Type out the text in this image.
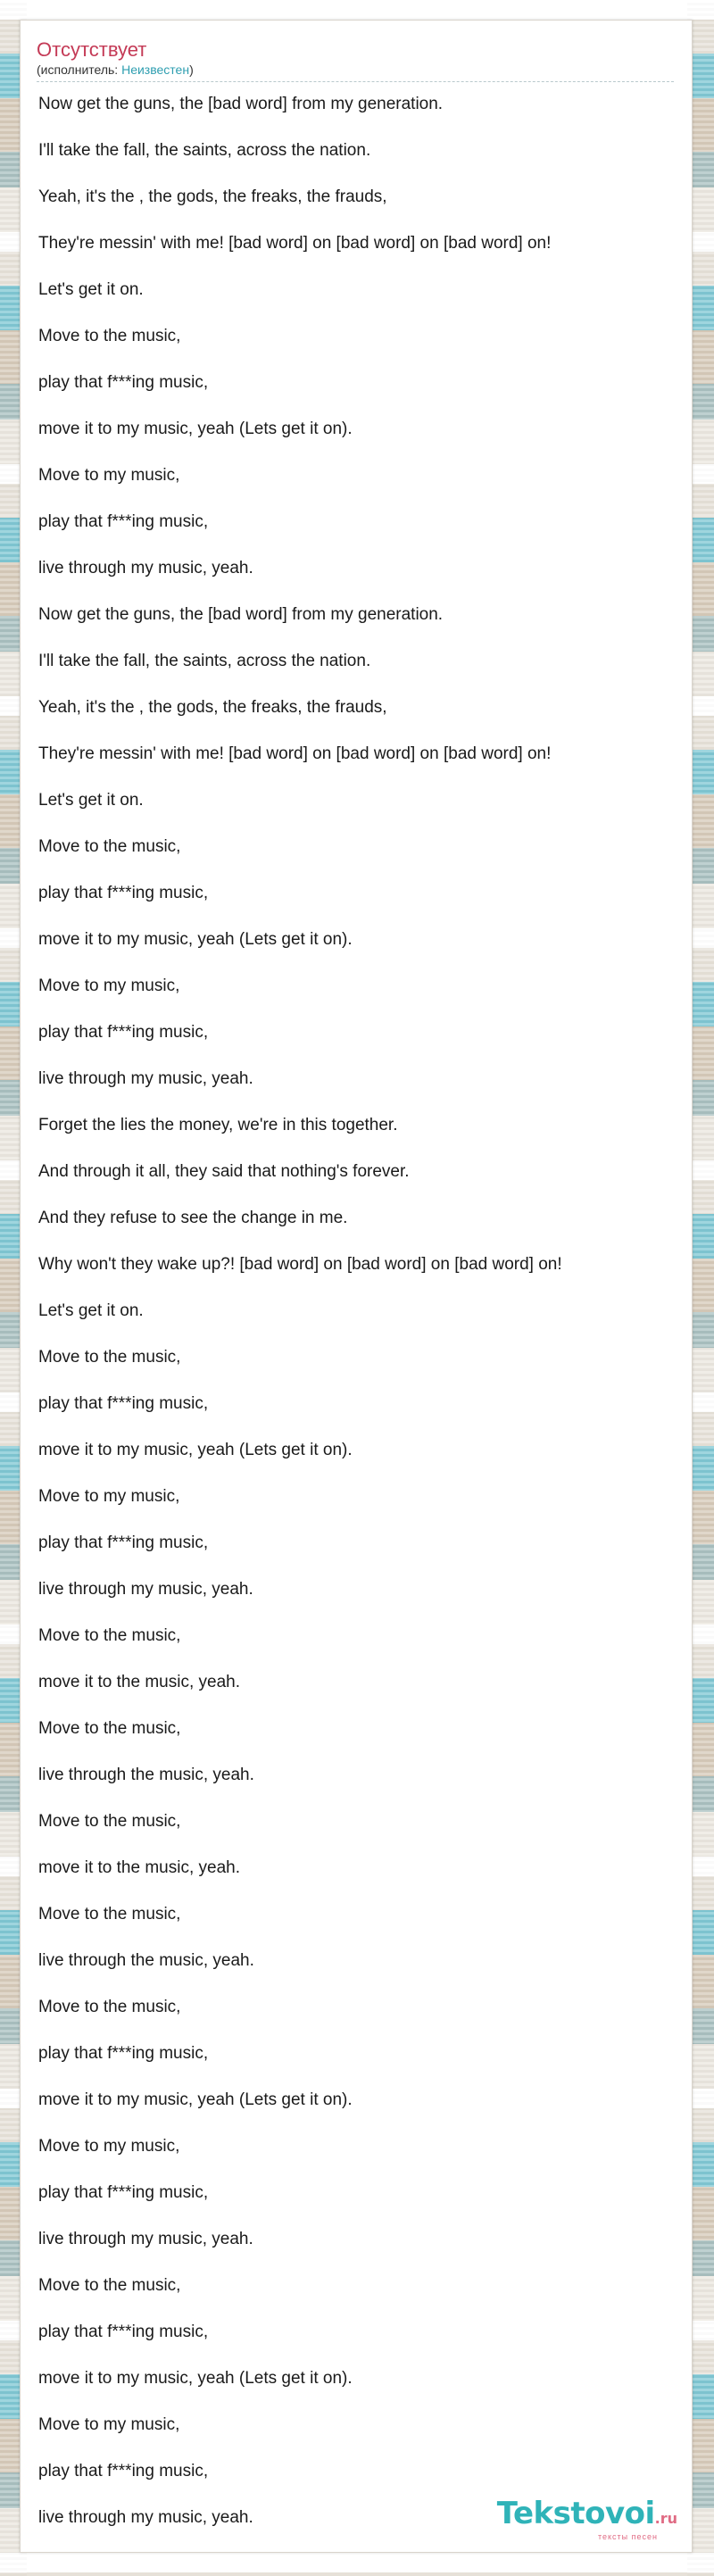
Отсутствует
(исполнитель: Неизвестен)
Now get the guns, the [bad word] from my generation.
I'll take the fall, the saints, across the nation.
Yeah, it's the , the gods, the freaks, the frauds,
They're messin' with me! [bad word] on [bad word] on [bad word] on!
Let's get it on.
Move to the music,
play that f***ing music,
move it to my music, yeah (Lets get it on).
Move to my music,
play that f***ing music,
live through my music, yeah.
Now get the guns, the [bad word] from my generation.
I'll take the fall, the saints, across the nation.
Yeah, it's the , the gods, the freaks, the frauds,
They're messin' with me! [bad word] on [bad word] on [bad word] on!
Let's get it on.
Move to the music,
play that f***ing music,
move it to my music, yeah (Lets get it on).
Move to my music,
play that f***ing music,
live through my music, yeah.
Forget the lies the money, we're in this together.
And through it all, they said that nothing's forever.
And they refuse to see the change in me.
Why won't they wake up?! [bad word] on [bad word] on [bad word] on!
Let's get it on.
Move to the music,
play that f***ing music,
move it to my music, yeah (Lets get it on).
Move to my music,
play that f***ing music,
live through my music, yeah.
Move to the music,
move it to the music, yeah.
Move to the music,
live through the music, yeah.
Move to the music,
move it to the music, yeah.
Move to the music,
live through the music, yeah.
Move to the music,
play that f***ing music,
move it to my music, yeah (Lets get it on).
Move to my music,
play that f***ing music,
live through my music, yeah.
Move to the music,
play that f***ing music,
move it to my music, yeah (Lets get it on).
Move to my music,
play that f***ing music,
live through my music, yeah.	Tekstovoi.ru
тексты песен
